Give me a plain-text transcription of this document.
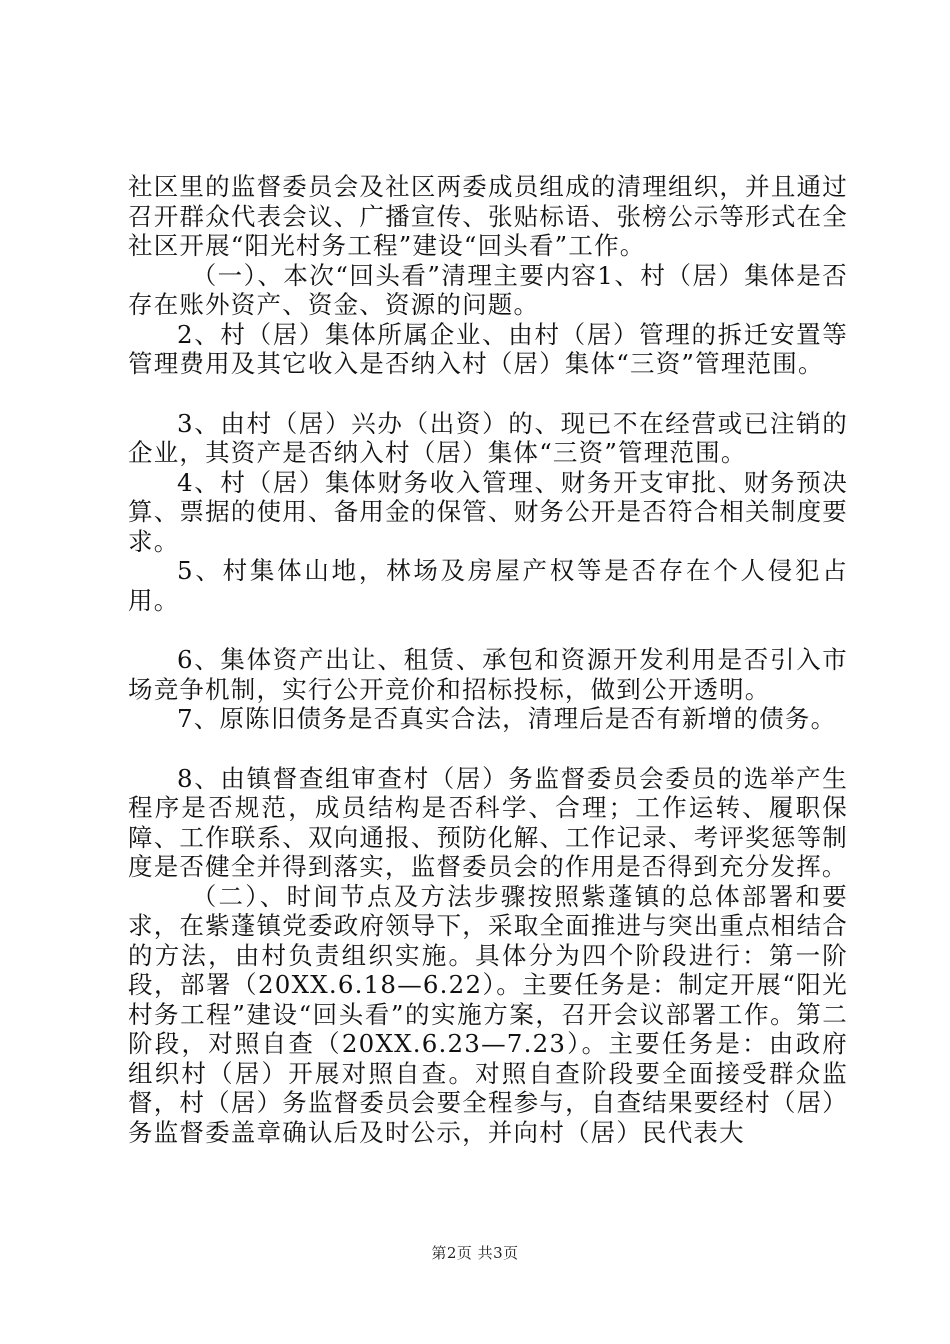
社区里的监督委员会及社区两委成员组成的清理组织，并且通过召开群众代表会议、广播宣传、张贴标语、张榜公示等形式在全社区开展“阳光村务工程”建设“回头看”工作。

（一）、本次“回头看”清理主要内容1、村（居）集体是否存在账外资产、资金、资源的问题。

2、村（居）集体所属企业、由村（居）管理的拆迁安置等管理费用及其它收入是否纳入村（居）集体“三资”管理范围。

3、由村（居）兴办（出资）的、现已不在经营或已注销的企业，其资产是否纳入村（居）集体“三资”管理范围。

4、村（居）集体财务收入管理、财务开支审批、财务预决算、票据的使用、备用金的保管、财务公开是否符合相关制度要求。

5、村集体山地，林场及房屋产权等是否存在个人侵犯占用。

6、集体资产出让、租赁、承包和资源开发利用是否引入市场竞争机制，实行公开竞价和招标投标，做到公开透明。

7、原陈旧债务是否真实合法，清理后是否有新增的债务。

8、由镇督查组审查村（居）务监督委员会委员的选举产生程序是否规范，成员结构是否科学、合理；工作运转、履职保障、工作联系、双向通报、预防化解、工作记录、考评奖惩等制度是否健全并得到落实，监督委员会的作用是否得到充分发挥。

（二）、时间节点及方法步骤按照紫蓬镇的总体部署和要求，在紫蓬镇党委政府领导下，采取全面推进与突出重点相结合的方法，由村负责组织实施。具体分为四个阶段进行：第一阶段，部署（20XX.6.18—6.22）。主要任务是：制定开展“阳光村务工程”建设“回头看”的实施方案，召开会议部署工作。第二阶段，对照自查（20XX.6.23—7.23）。主要任务是：由政府组织村（居）开展对照自查。对照自查阶段要全面接受群众监督，村（居）务监督委员会要全程参与，自查结果要经村（居）务监督委盖章确认后及时公示，并向村（居）民代表大

第2页 共3页
